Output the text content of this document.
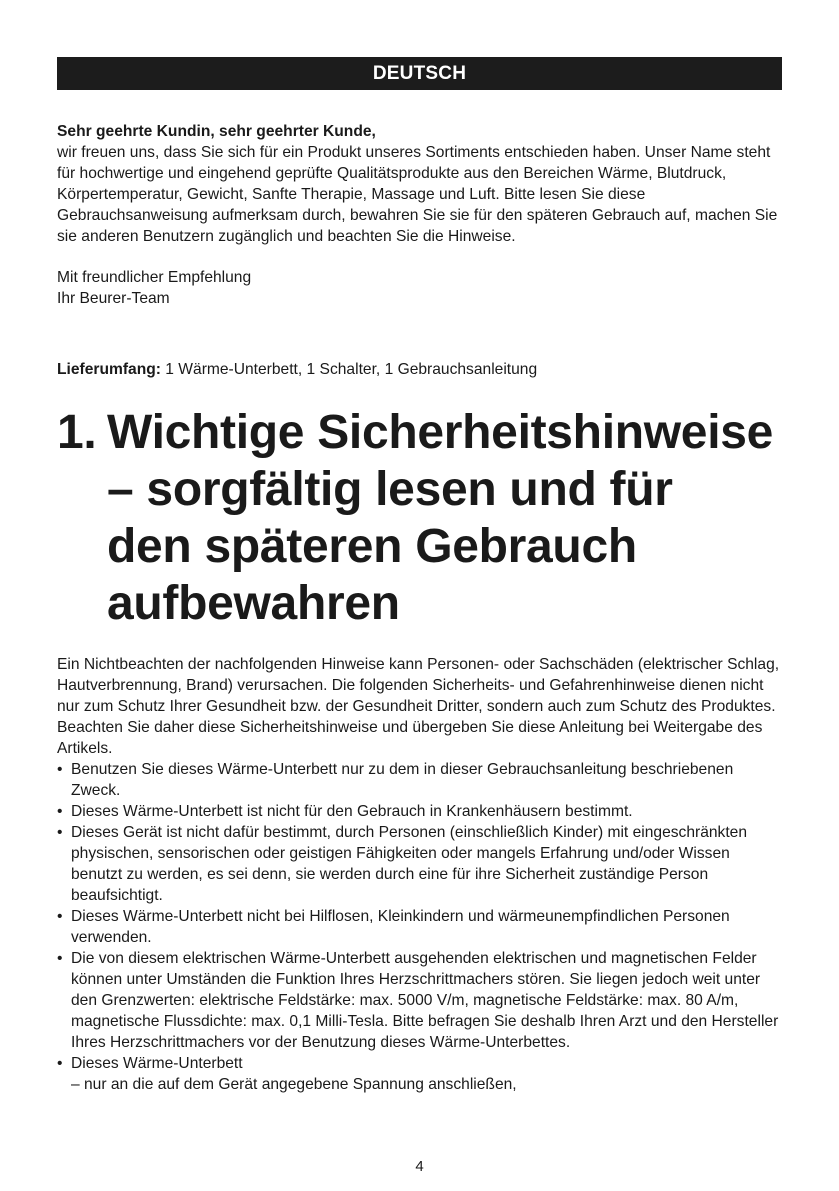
DEUTSCH
Sehr geehrte Kundin, sehr geehrter Kunde,
wir freuen uns, dass Sie sich für ein Produkt unseres Sortiments entschieden haben. Unser Name steht für hochwertige und eingehend geprüfte Qualitätsprodukte aus den Bereichen Wärme, Blutdruck, Körpertemperatur, Gewicht, Sanfte Therapie, Massage und Luft. Bitte lesen Sie diese Gebrauchsanweisung aufmerksam durch, bewahren Sie sie für den späteren Gebrauch auf, machen Sie sie anderen Benutzern zugänglich und beachten Sie die Hinweise.
Mit freundlicher Empfehlung
Ihr Beurer-Team
Lieferumfang: 1 Wärme-Unterbett, 1 Schalter, 1 Gebrauchsanleitung
1. Wichtige Sicherheitshinweise
– sorgfältig lesen und für
den späteren Gebrauch
aufbewahren
Ein Nichtbeachten der nachfolgenden Hinweise kann Personen- oder Sachschäden (elektrischer Schlag, Hautverbrennung, Brand) verursachen. Die folgenden Sicherheits- und Gefahrenhinweise dienen nicht nur zum Schutz Ihrer Gesundheit bzw. der Gesundheit Dritter, sondern auch zum Schutz des Produktes. Beachten Sie daher diese Sicherheitshinweise und übergeben Sie diese Anleitung bei Weitergabe des Artikels.
• Benutzen Sie dieses Wärme-Unterbett nur zu dem in dieser Gebrauchsanleitung beschriebenen Zweck.
• Dieses Wärme-Unterbett ist nicht für den Gebrauch in Krankenhäusern bestimmt.
• Dieses Gerät ist nicht dafür bestimmt, durch Personen (einschließlich Kinder) mit eingeschränkten physischen, sensorischen oder geistigen Fähigkeiten oder mangels Erfahrung und/oder Wissen benutzt zu werden, es sei denn, sie werden durch eine für ihre Sicherheit zuständige Person beaufsichtigt.
• Dieses Wärme-Unterbett nicht bei Hilflosen, Kleinkindern und wärmeunempfindlichen Personen verwenden.
• Die von diesem elektrischen Wärme-Unterbett ausgehenden elektrischen und magnetischen Felder können unter Umständen die Funktion Ihres Herzschrittmachers stören. Sie liegen jedoch weit unter den Grenzwerten: elektrische Feldstärke: max. 5000 V/m, magnetische Feldstärke: max. 80 A/m, magnetische Flussdichte: max. 0,1 Milli-Tesla. Bitte befragen Sie deshalb Ihren Arzt und den Hersteller Ihres Herzschrittmachers vor der Benutzung dieses Wärme-Unterbettes.
• Dieses Wärme-Unterbett
– nur an die auf dem Gerät angegebene Spannung anschließen,
4
